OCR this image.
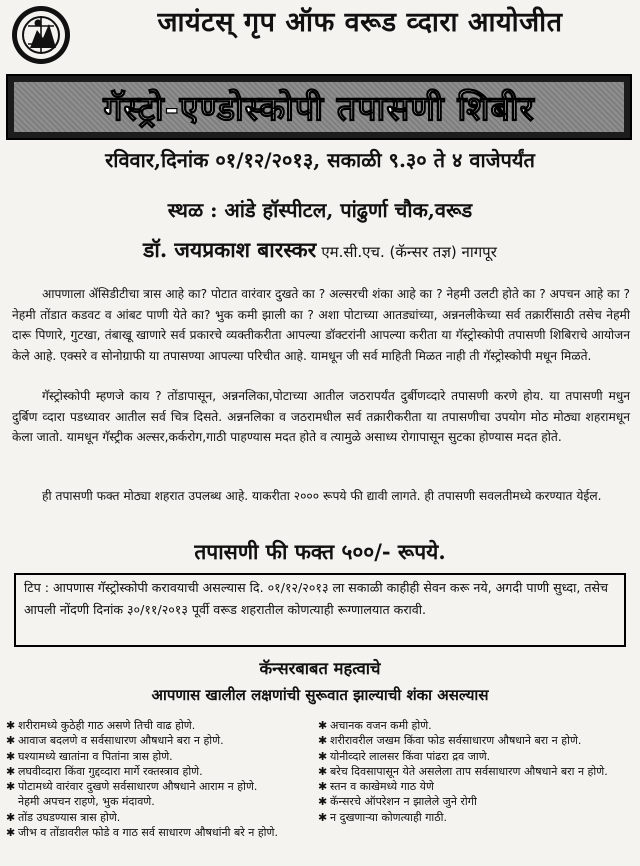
जायंटस् गृप ऑफ वरूड व्दारा आयोजीत
गॅस्ट्रो-एण्डोस्कोपी तपासणी शिबीर
रविवार,दिनांक ०१/१२/२०१३, सकाळी ९.३० ते ४ वाजेपर्यंत
स्थळ : आंडे हॉस्पीटल, पांढुर्णा चौक,वरूड
डॉ. जयप्रकाश बारस्कर एम.सी.एच. (कॅन्सर तज्ञ) नागपूर

आपणाला ॲसिडीटीचा त्रास आहे का? पोटात वारंवार दुखते का ? अल्सरची शंका आहे का ? नेहमी उलटी होते का ? अपचन आहे का ? नेहमी तोंडात कडवट व आंबट पाणी येते का? भुक कमी झाली का ? अशा पोटाच्या आतड्यांच्या, अन्ननलीकेच्या सर्व तक्रारींसाठी तसेच नेहमी दारू पिणारे, गुटखा, तंबाखू खाणारे सर्व प्रकारचे व्यक्तीकरीता आपल्या डॉक्टरांनी आपल्या करीता या गॅस्ट्रोस्कोपी तपासणी शिबिराचे आयोजन केले आहे. एक्सरे व सोनोग्राफी या तपासण्या आपल्या परिचीत आहे. यामधून जी सर्व माहिती मिळत नाही ती गॅस्ट्रोस्कोपी मधून मिळते.

गॅस्ट्रोस्कोपी म्हणजे काय ? तोंडापासून, अन्ननलिका,पोटाच्या आतील जठरापर्यंत दुर्बीणव्दारे तपासणी करणे होय. या तपासणी मधुन दुर्बिण व्दारा पडध्यावर आतील सर्व चित्र दिसते. अन्ननलिका व जठरामधील सर्व तक्रारीकरीता या तपासणीचा उपयोग मोठ मोठ्या शहरामधून केला जातो. यामधून गॅस्ट्रीक अल्सर,कर्करोग,गाठी पाहण्यास मदत होते व त्यामुळे असाध्य रोगापासून सुटका होण्यास मदत होते.

ही तपासणी फक्त मोठ्या शहरात उपलब्ध आहे. याकरीता २००० रूपये फी द्यावी लागते. ही तपासणी सवलतीमध्ये करण्यात येईल.

तपासणी फी फक्त ५००/- रूपये.
टिप : आपणास गॅस्ट्रोस्कोपी करावयाची असल्यास दि. ०१/१२/२०१३ ला सकाळी काहीही सेवन करू नये, अगदी पाणी सुध्दा, तसेच आपली नोंदणी दिनांक ३०/११/२०१३ पूर्वी वरूड शहरातील कोणत्याही रूग्णालयात करावी.
कॅन्सरबाबत महत्वाचे
आपणास खालील लक्षणांची सुरूवात झाल्याची शंका असल्यास
✱ शरीरामध्ये कुठेही गाठ असणे तिची वाढ होणे.
✱ आवाज बदलणे व सर्वसाधारण औषधाने बरा न होणे.
✱ घश्यामध्ये खातांना व पितांना त्रास होणे.
✱ लघवीव्दारा किंवा गुद्दव्दारा मार्गे रक्तस्त्राव होणे.
✱ पोटामध्ये वारंवार दुखणे सर्वसाधारण औषधाने आराम न होणे.
नेहमी अपचन राहणे, भुक मंदावणे.
✱ तोंड उघडण्यास त्रास होणे.
✱ जीभ व तोंडावरील फोडे व गाठ सर्व साधारण औषधांनी बरे न होणे.
✱ अचानक वजन कमी होणे.
✱ शरीरावरील जखम किंवा फोड सर्वसाधारण औषधाने बरा न होणे.
✱ योनीव्दारे लालसर किंवा पांढरा द्रव जाणे.
✱ बरेच दिवसापासून येते असलेला ताप सर्वसाधारण औषधाने बरा न होणे.
✱ स्तन व काखेमध्ये गाठ येणे
✱ कॅन्सरचे ऑपरेशन न झालेले जुने रोगी
✱ न दुखणाऱ्या कोणत्याही गाठी.
